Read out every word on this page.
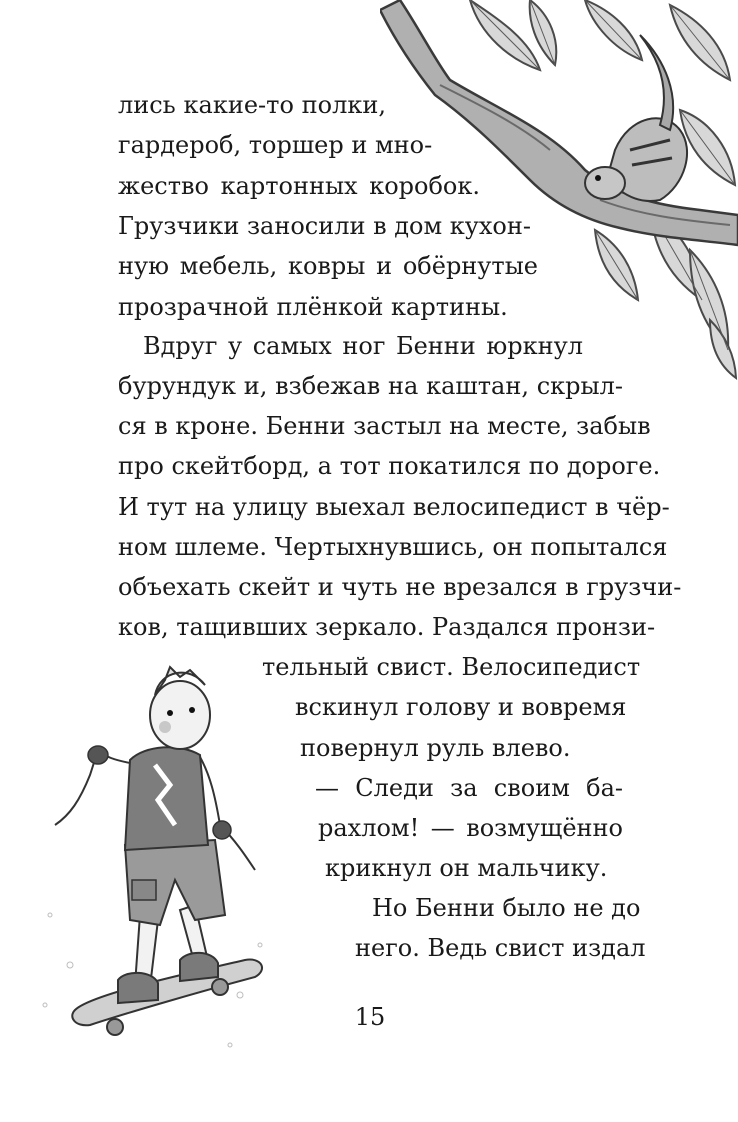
лись какие-то полки,
гардероб, торшер и мно-
жество картонных коробок.
Грузчики заносили в дом кухон-
ную мебель, ковры и обёрнутые
прозрачной плёнкой картины.
Вдруг у самых ног Бенни юркнул
бурундук и, взбежав на каштан, скрыл-
ся в кроне. Бенни застыл на месте, забыв
про скейтборд, а тот покатился по дороге.
И тут на улицу выехал велосипедист в чёр-
ном шлеме. Чертыхнувшись, он попытался
объехать скейт и чуть не врезался в грузчи-
ков, тащивших зеркало. Раздался пронзи-
тельный свист. Велосипедист
вскинул голову и вовремя
повернул руль влево.
— Следи за своим ба-
рахлом! — возмущённо
крикнул он мальчику.
Но Бенни было не до
него. Ведь свист издал
15
